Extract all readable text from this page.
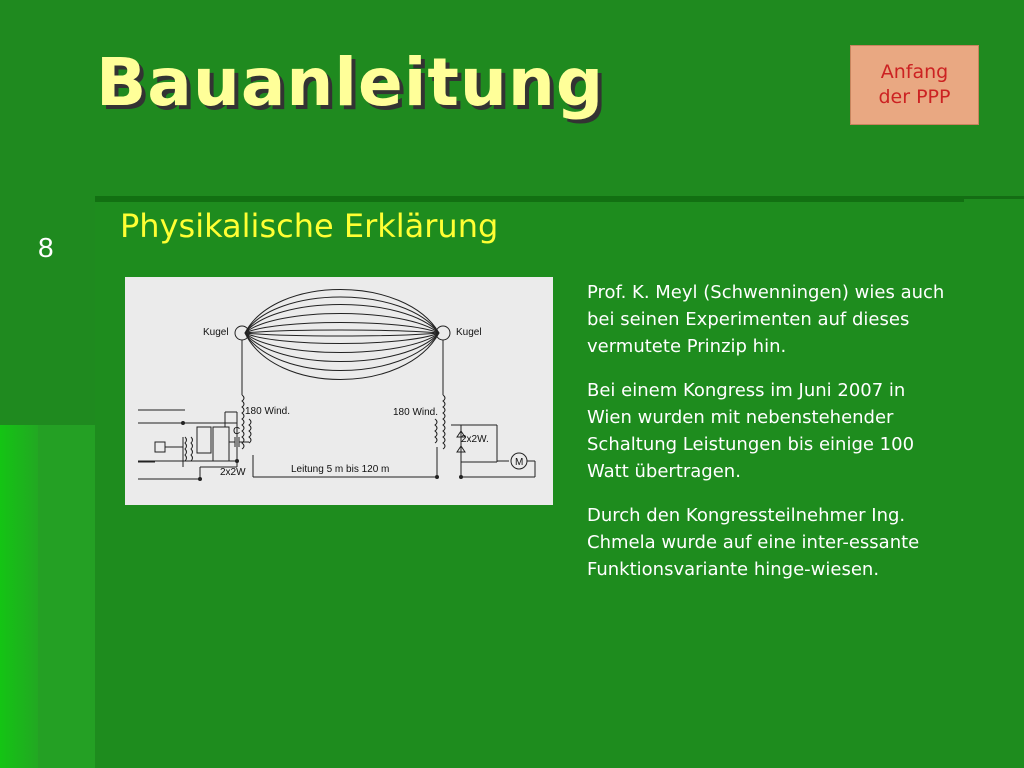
Bauanleitung	Anfang
der PPP
8
Physikalische Erklärung
Kugel	Kugel
180 Wind.	180 Wind.
2x2W
2x2W.
Leitung 5 m bis 120 m
C
M

Prof. K. Meyl (Schwenningen) wies auch bei seinen Experimenten auf dieses vermutete Prinzip hin.

Bei einem Kongress im Juni 2007 in Wien wurden mit nebenstehender Schaltung Leistungen bis einige 100 Watt übertragen.

Durch den Kongressteilnehmer Ing. Chmela wurde auf eine inter-essante Funktionsvariante hinge-wiesen.
